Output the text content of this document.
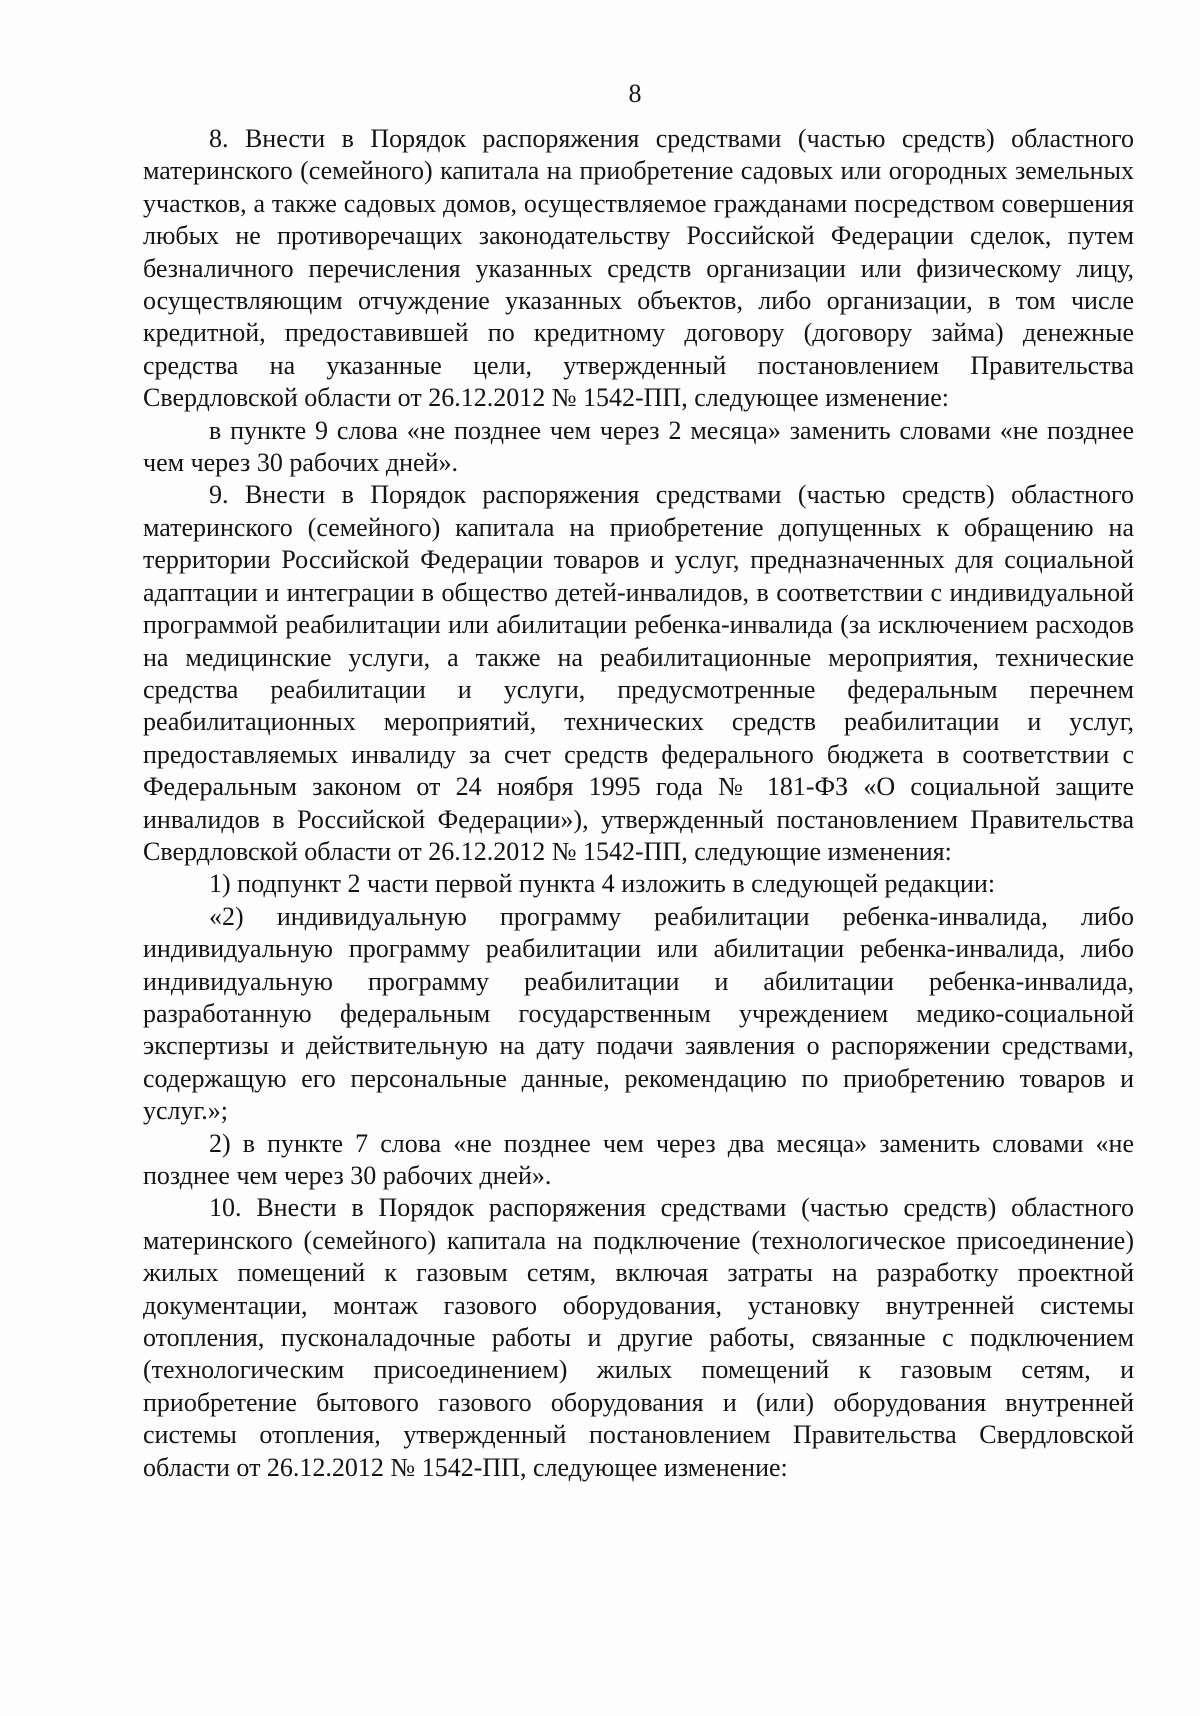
8

8. Внести в Порядок распоряжения средствами (частью средств) областного материнского (семейного) капитала на приобретение садовых или огородных земельных участков, а также садовых домов, осуществляемое гражданами посредством совершения любых не противоречащих законодательству Российской Федерации сделок, путем безналичного перечисления указанных средств организации или физическому лицу, осуществляющим отчуждение указанных объектов, либо организации, в том числе кредитной, предоставившей по кредитному договору (договору займа) денежные средства на указанные цели, утвержденный постановлением Правительства Свердловской области от 26.12.2012 № 1542-ПП, следующее изменение:

в пункте 9 слова «не позднее чем через 2 месяца» заменить словами «не позднее чем через 30 рабочих дней».

9. Внести в Порядок распоряжения средствами (частью средств) областного материнского (семейного) капитала на приобретение допущенных к обращению на территории Российской Федерации товаров и услуг, предназначенных для социальной адаптации и интеграции в общество детей-инвалидов, в соответствии с индивидуальной программой реабилитации или абилитации ребенка-инвалида (за исключением расходов на медицинские услуги, а также на реабилитационные мероприятия, технические средства реабилитации и услуги, предусмотренные федеральным перечнем реабилитационных мероприятий, технических средств реабилитации и услуг, предоставляемых инвалиду за счет средств федерального бюджета в соответствии с Федеральным законом от 24 ноября 1995 года № 181-ФЗ «О социальной защите инвалидов в Российской Федерации»), утвержденный постановлением Правительства Свердловской области от 26.12.2012 № 1542-ПП, следующие изменения:

1) подпункт 2 части первой пункта 4 изложить в следующей редакции:

«2) индивидуальную программу реабилитации ребенка-инвалида, либо индивидуальную программу реабилитации или абилитации ребенка-инвалида, либо индивидуальную программу реабилитации и абилитации ребенка-инвалида, разработанную федеральным государственным учреждением медико-социальной экспертизы и действительную на дату подачи заявления о распоряжении средствами, содержащую его персональные данные, рекомендацию по приобретению товаров и услуг.»;

2) в пункте 7 слова «не позднее чем через два месяца» заменить словами «не позднее чем через 30 рабочих дней».

10. Внести в Порядок распоряжения средствами (частью средств) областного материнского (семейного) капитала на подключение (технологическое присоединение) жилых помещений к газовым сетям, включая затраты на разработку проектной документации, монтаж газового оборудования, установку внутренней системы отопления, пусконаладочные работы и другие работы, связанные с подключением (технологическим присоединением) жилых помещений к газовым сетям, и приобретение бытового газового оборудования и (или) оборудования внутренней системы отопления, утвержденный постановлением Правительства Свердловской области от 26.12.2012 № 1542-ПП, следующее изменение:
